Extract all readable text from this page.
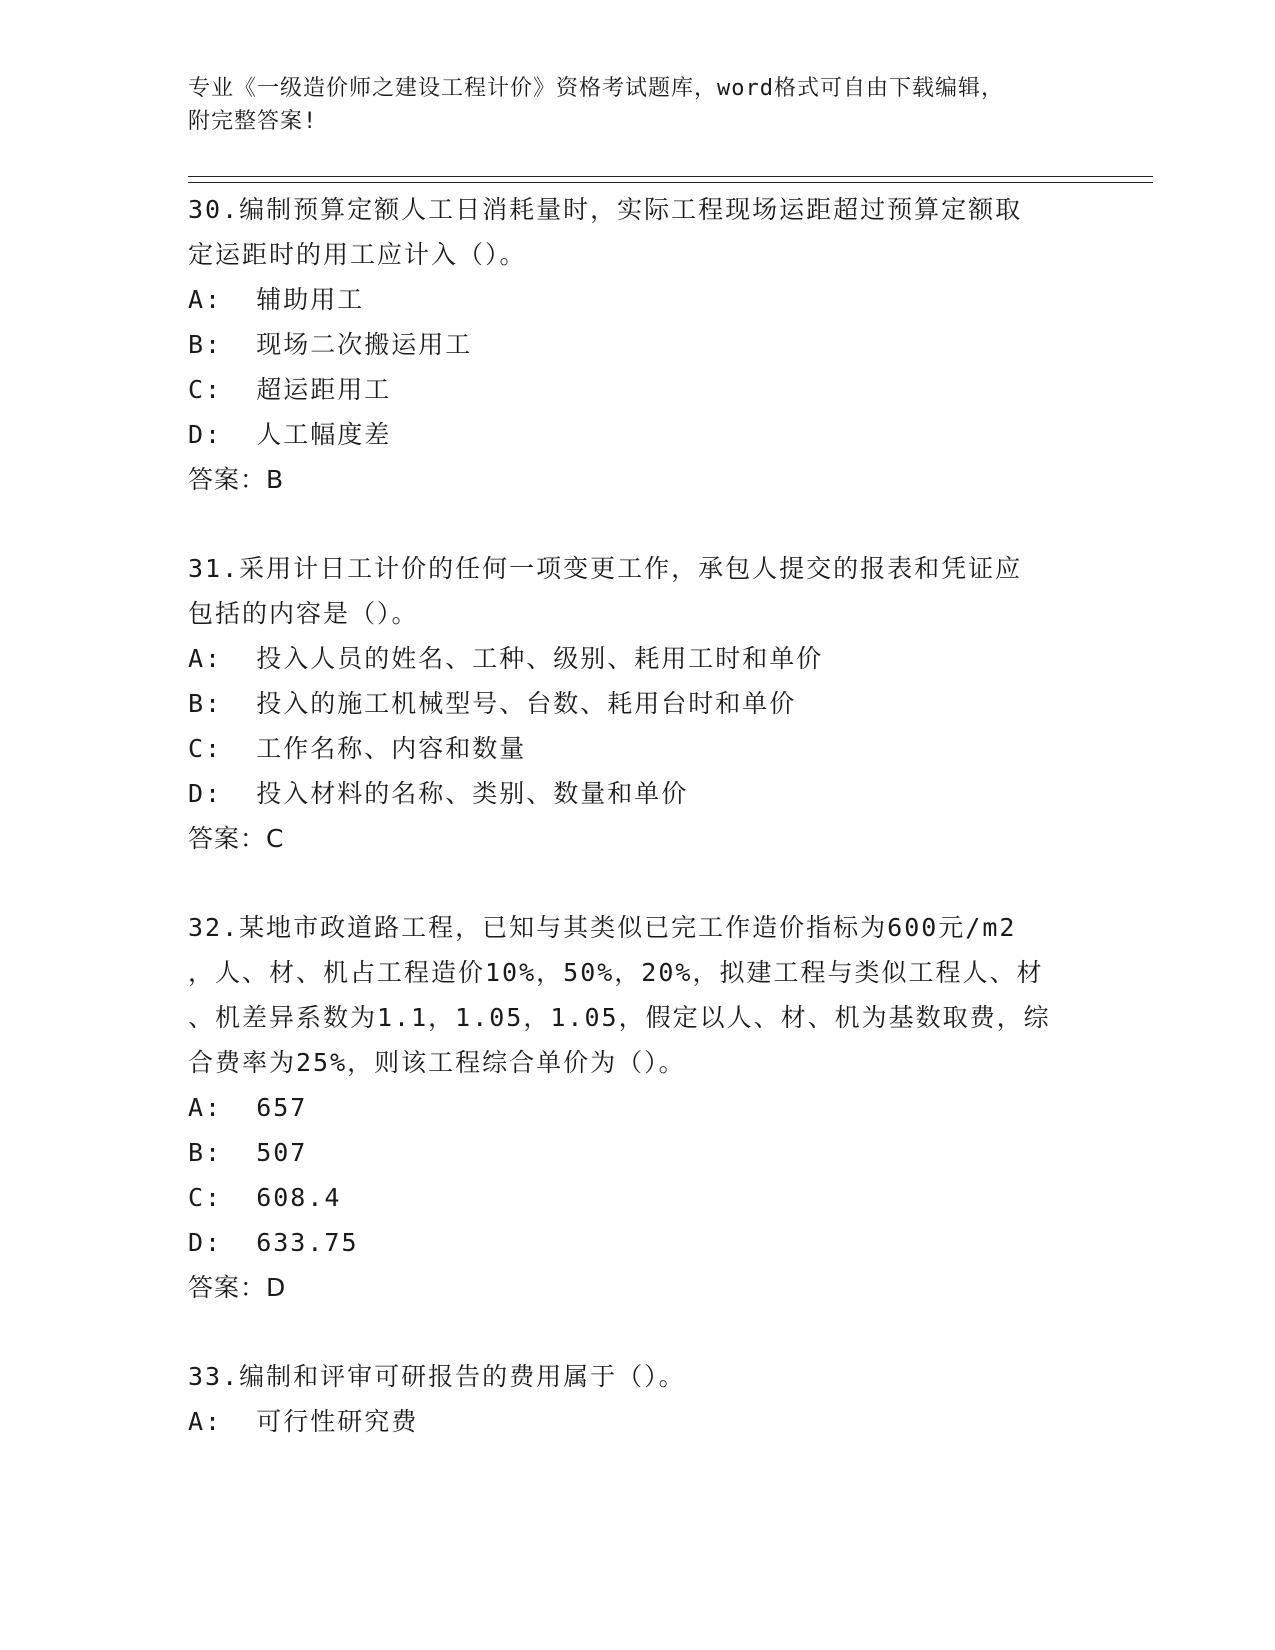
专业《一级造价师之建设工程计价》资格考试题库，word格式可自由下载编辑，
附完整答案!

30.编制预算定额人工日消耗量时，实际工程现场运距超过预算定额取

定运距时的用工应计入（）。

A:  辅助用工

B:  现场二次搬运用工

C:  超运距用工

D:  人工幅度差

答案：B

31.采用计日工计价的任何一项变更工作，承包人提交的报表和凭证应

包括的内容是（）。

A:  投入人员的姓名、工种、级别、耗用工时和单价

B:  投入的施工机械型号、台数、耗用台时和单价

C:  工作名称、内容和数量

D:  投入材料的名称、类别、数量和单价

答案：C

32.某地市政道路工程，已知与其类似已完工作造价指标为600元/m2

，人、材、机占工程造价10%，50%，20%，拟建工程与类似工程人、材

、机差异系数为1.1，1.05，1.05，假定以人、材、机为基数取费，综

合费率为25%，则该工程综合单价为（）。

A:  657

B:  507

C:  608.4

D:  633.75

答案：D

33.编制和评审可研报告的费用属于（）。

A:  可行性研究费
